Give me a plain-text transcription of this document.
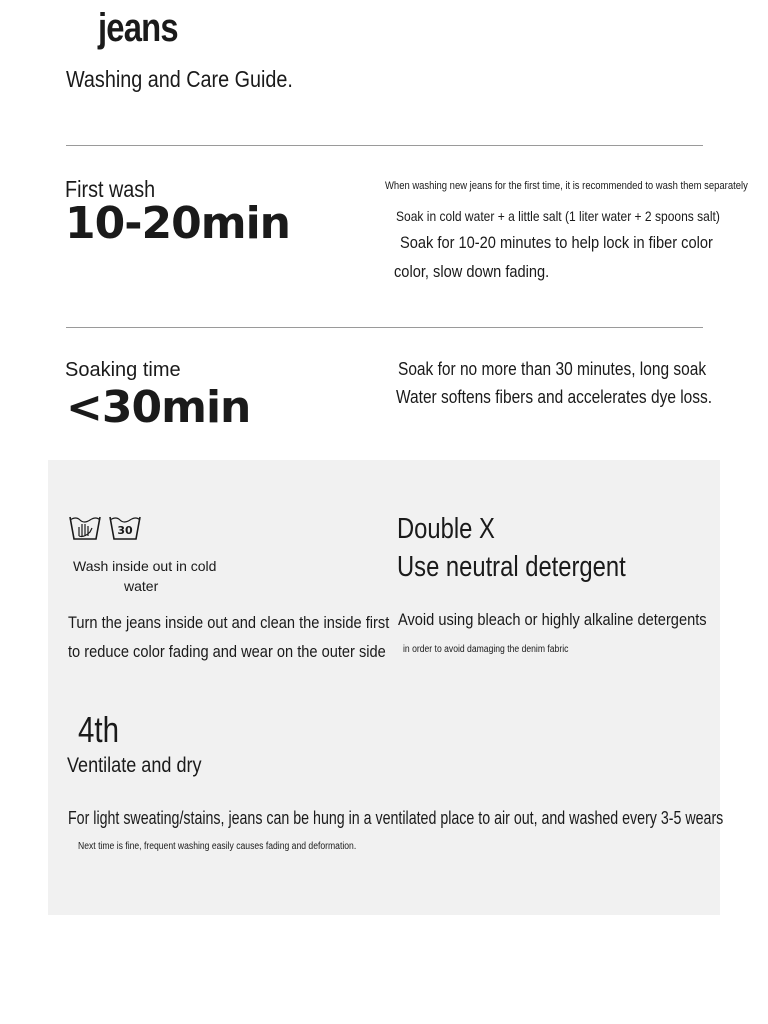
jeans

Washing and Care Guide.

First wash

10-20min

When washing new jeans for the first time, it is recommended to wash them separately

Soak in cold water + a little salt (1 liter water + 2 spoons salt)

Soak for 10-20 minutes to help lock in fiber color

color, slow down fading.

Soaking time

<30min

Soak for no more than 30 minutes, long soak

Water softens fibers and accelerates dye loss.

30

Wash inside out in cold

water

Turn the jeans inside out and clean the inside first

to reduce color fading and wear on the outer side

Double X

Use neutral detergent

Avoid using bleach or highly alkaline detergents

in order to avoid damaging the denim fabric

4th

Ventilate and dry

For light sweating/stains, jeans can be hung in a ventilated place to air out, and washed every 3-5 wears

Next time is fine, frequent washing easily causes fading and deformation.
